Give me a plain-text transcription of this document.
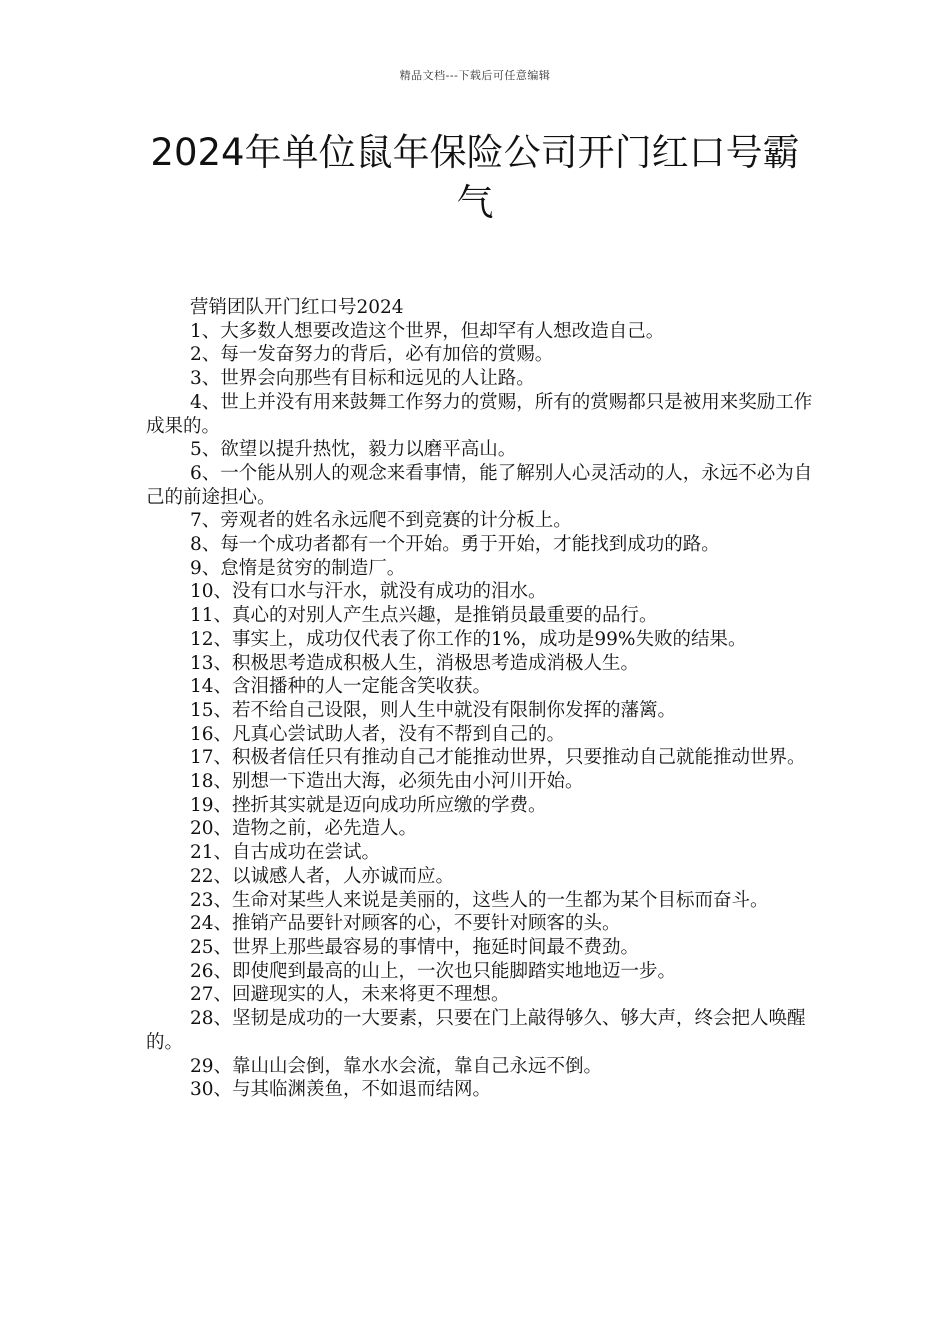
精品文档---下载后可任意编辑
2024年单位鼠年保险公司开门红口号霸气

营销团队开门红口号2024

1、大多数人想要改造这个世界，但却罕有人想改造自己。

2、每一发奋努力的背后，必有加倍的赏赐。

3、世界会向那些有目标和远见的人让路。

4、世上并没有用来鼓舞工作努力的赏赐，所有的赏赐都只是被用来奖励工作成果的。

5、欲望以提升热忱，毅力以磨平高山。

6、一个能从别人的观念来看事情，能了解别人心灵活动的人，永远不必为自己的前途担心。

7、旁观者的姓名永远爬不到竞赛的计分板上。

8、每一个成功者都有一个开始。勇于开始，才能找到成功的路。

9、怠惰是贫穷的制造厂。

10、没有口水与汗水，就没有成功的泪水。

11、真心的对别人产生点兴趣，是推销员最重要的品行。

12、事实上，成功仅代表了你工作的1%，成功是99%失败的结果。

13、积极思考造成积极人生，消极思考造成消极人生。

14、含泪播种的人一定能含笑收获。

15、若不给自己设限，则人生中就没有限制你发挥的藩篱。

16、凡真心尝试助人者，没有不帮到自己的。

17、积极者信任只有推动自己才能推动世界，只要推动自己就能推动世界。

18、别想一下造出大海，必须先由小河川开始。

19、挫折其实就是迈向成功所应缴的学费。

20、造物之前，必先造人。

21、自古成功在尝试。

22、以诚感人者，人亦诚而应。

23、生命对某些人来说是美丽的，这些人的一生都为某个目标而奋斗。

24、推销产品要针对顾客的心，不要针对顾客的头。

25、世界上那些最容易的事情中，拖延时间最不费劲。

26、即使爬到最高的山上，一次也只能脚踏实地地迈一步。

27、回避现实的人，未来将更不理想。

28、坚韧是成功的一大要素，只要在门上敲得够久、够大声，终会把人唤醒的。

29、靠山山会倒，靠水水会流，靠自己永远不倒。

30、与其临渊羡鱼，不如退而结网。
